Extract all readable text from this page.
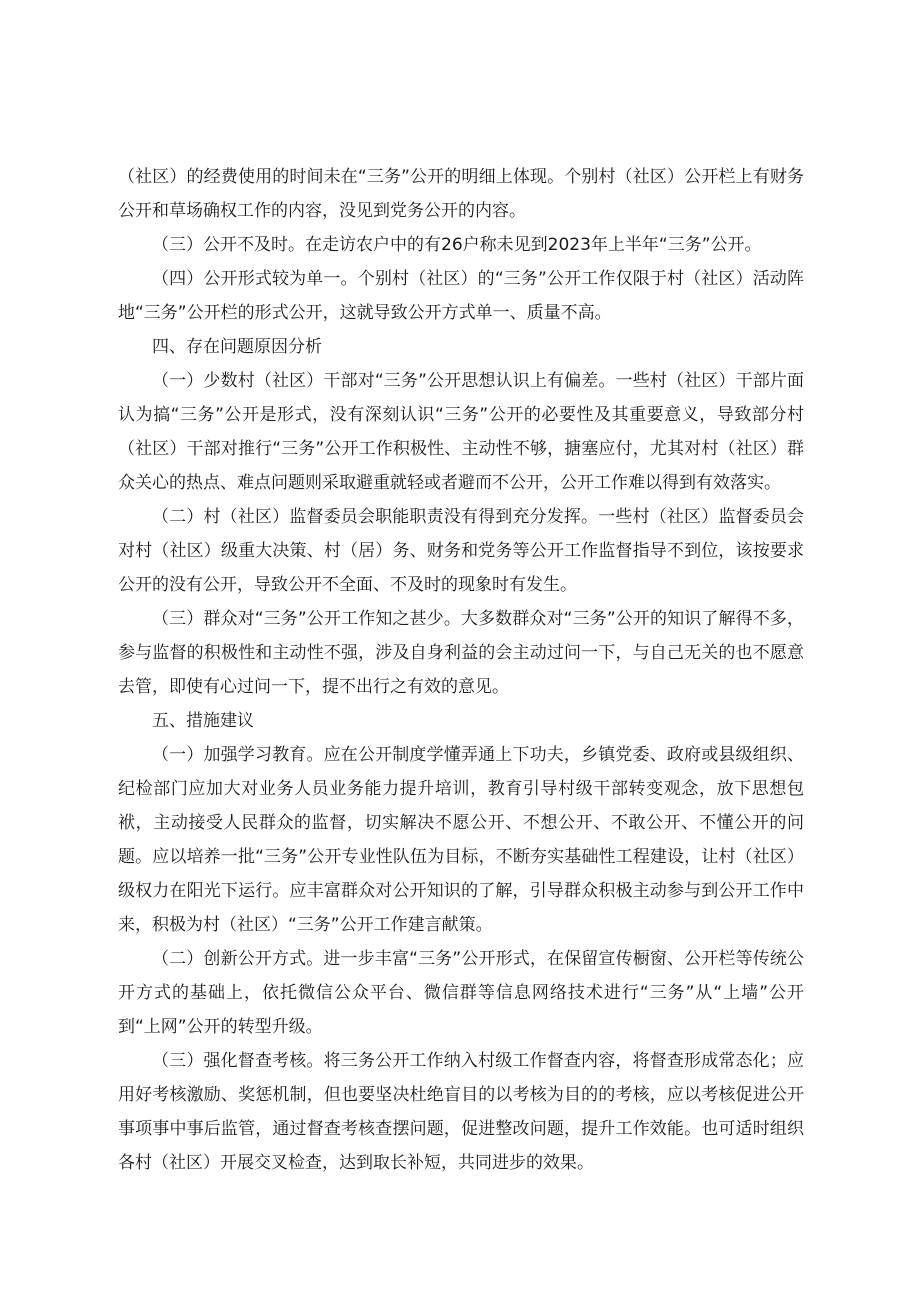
（社区）的经费使用的时间未在“三务”公开的明细上体现。个别村（社区）公开栏上有财务公开和草场确权工作的内容，没见到党务公开的内容。

（三）公开不及时。在走访农户中的有26户称未见到2023年上半年“三务”公开。

（四）公开形式较为单一。个别村（社区）的“三务”公开工作仅限于村（社区）活动阵地“三务”公开栏的形式公开，这就导致公开方式单一、质量不高。

四、存在问题原因分析

（一）少数村（社区）干部对“三务”公开思想认识上有偏差。一些村（社区）干部片面认为搞“三务”公开是形式，没有深刻认识“三务”公开的必要性及其重要意义，导致部分村（社区）干部对推行“三务”公开工作积极性、主动性不够，搪塞应付，尤其对村（社区）群众关心的热点、难点问题则采取避重就轻或者避而不公开，公开工作难以得到有效落实。

（二）村（社区）监督委员会职能职责没有得到充分发挥。一些村（社区）监督委员会对村（社区）级重大决策、村（居）务、财务和党务等公开工作监督指导不到位，该按要求公开的没有公开，导致公开不全面、不及时的现象时有发生。

（三）群众对“三务”公开工作知之甚少。大多数群众对“三务”公开的知识了解得不多，参与监督的积极性和主动性不强，涉及自身利益的会主动过问一下，与自己无关的也不愿意去管，即使有心过问一下，提不出行之有效的意见。

五、措施建议

（一）加强学习教育。应在公开制度学懂弄通上下功夫，乡镇党委、政府或县级组织、纪检部门应加大对业务人员业务能力提升培训，教育引导村级干部转变观念，放下思想包袱，主动接受人民群众的监督，切实解决不愿公开、不想公开、不敢公开、不懂公开的问题。应以培养一批“三务”公开专业性队伍为目标，不断夯实基础性工程建设，让村（社区）级权力在阳光下运行。应丰富群众对公开知识的了解，引导群众积极主动参与到公开工作中来，积极为村（社区）“三务”公开工作建言献策。

（二）创新公开方式。进一步丰富“三务”公开形式，在保留宣传橱窗、公开栏等传统公开方式的基础上，依托微信公众平台、微信群等信息网络技术进行“三务”从“上墙”公开到“上网”公开的转型升级。

（三）强化督查考核。将三务公开工作纳入村级工作督查内容，将督查形成常态化；应用好考核激励、奖惩机制，但也要坚决杜绝盲目的以考核为目的的考核，应以考核促进公开事项事中事后监管，通过督查考核查摆问题，促进整改问题，提升工作效能。也可适时组织各村（社区）开展交叉检查，达到取长补短，共同进步的效果。
